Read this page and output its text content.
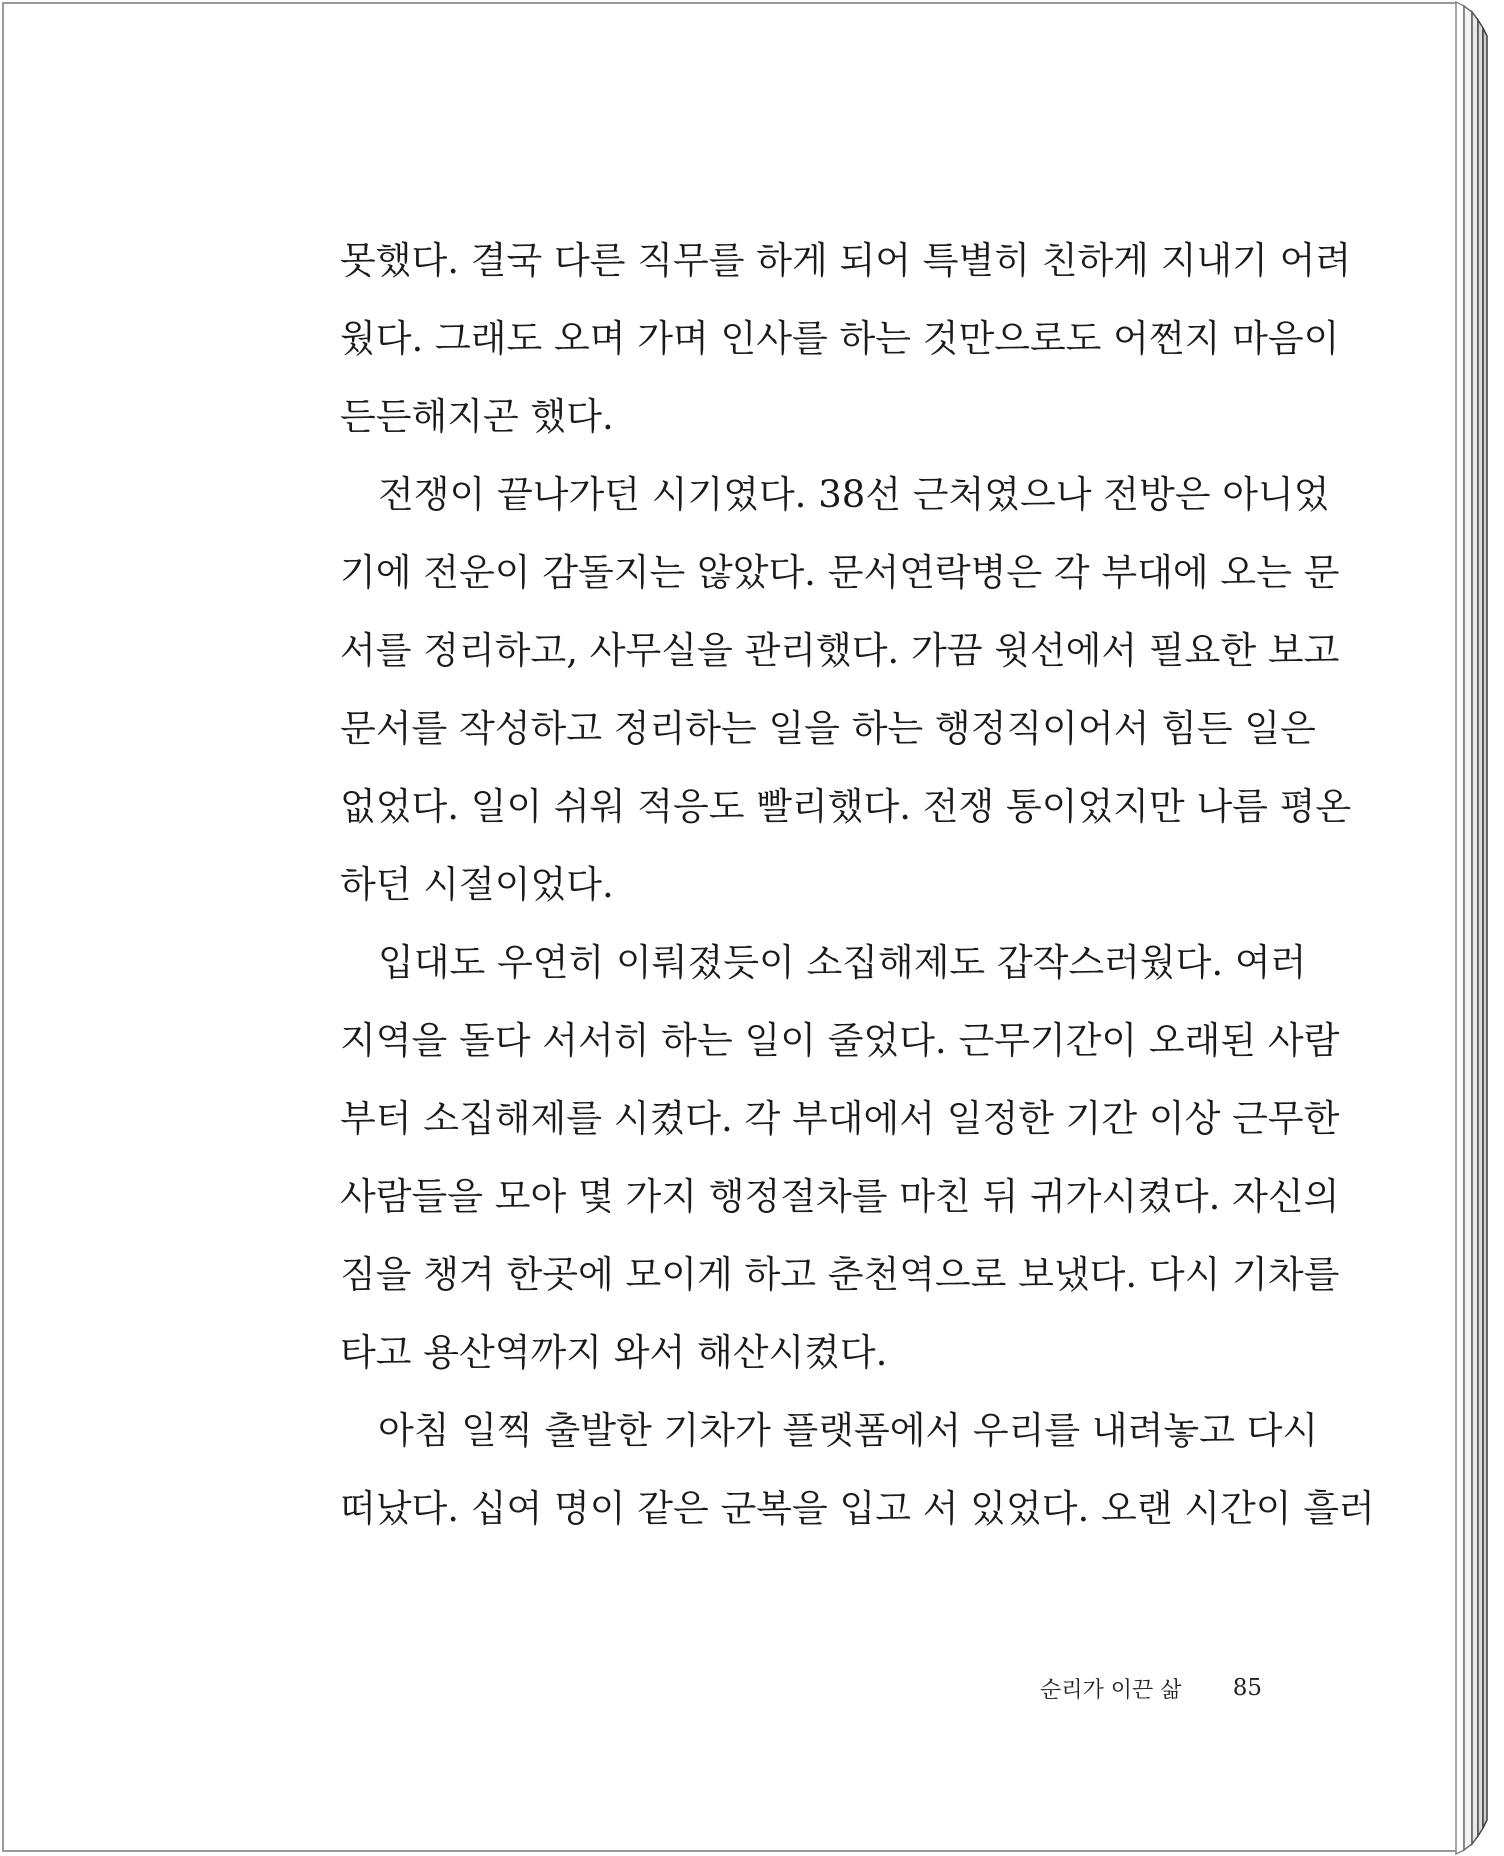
못했다. 결국 다른 직무를 하게 되어 특별히 친하게 지내기 어려
웠다. 그래도 오며 가며 인사를 하는 것만으로도 어쩐지 마음이
든든해지곤 했다.
전쟁이 끝나가던 시기였다. 38선 근처였으나 전방은 아니었
기에 전운이 감돌지는 않았다. 문서연락병은 각 부대에 오는 문
서를 정리하고, 사무실을 관리했다. 가끔 윗선에서 필요한 보고
문서를 작성하고 정리하는 일을 하는 행정직이어서 힘든 일은
없었다. 일이 쉬워 적응도 빨리했다. 전쟁 통이었지만 나름 평온
하던 시절이었다.
입대도 우연히 이뤄졌듯이 소집해제도 갑작스러웠다. 여러
지역을 돌다 서서히 하는 일이 줄었다. 근무기간이 오래된 사람
부터 소집해제를 시켰다. 각 부대에서 일정한 기간 이상 근무한
사람들을 모아 몇 가지 행정절차를 마친 뒤 귀가시켰다. 자신의
짐을 챙겨 한곳에 모이게 하고 춘천역으로 보냈다. 다시 기차를
타고 용산역까지 와서 해산시켰다.
아침 일찍 출발한 기차가 플랫폼에서 우리를 내려놓고 다시
떠났다. 십여 명이 같은 군복을 입고 서 있었다. 오랜 시간이 흘러
순리가 이끈 삶 85
